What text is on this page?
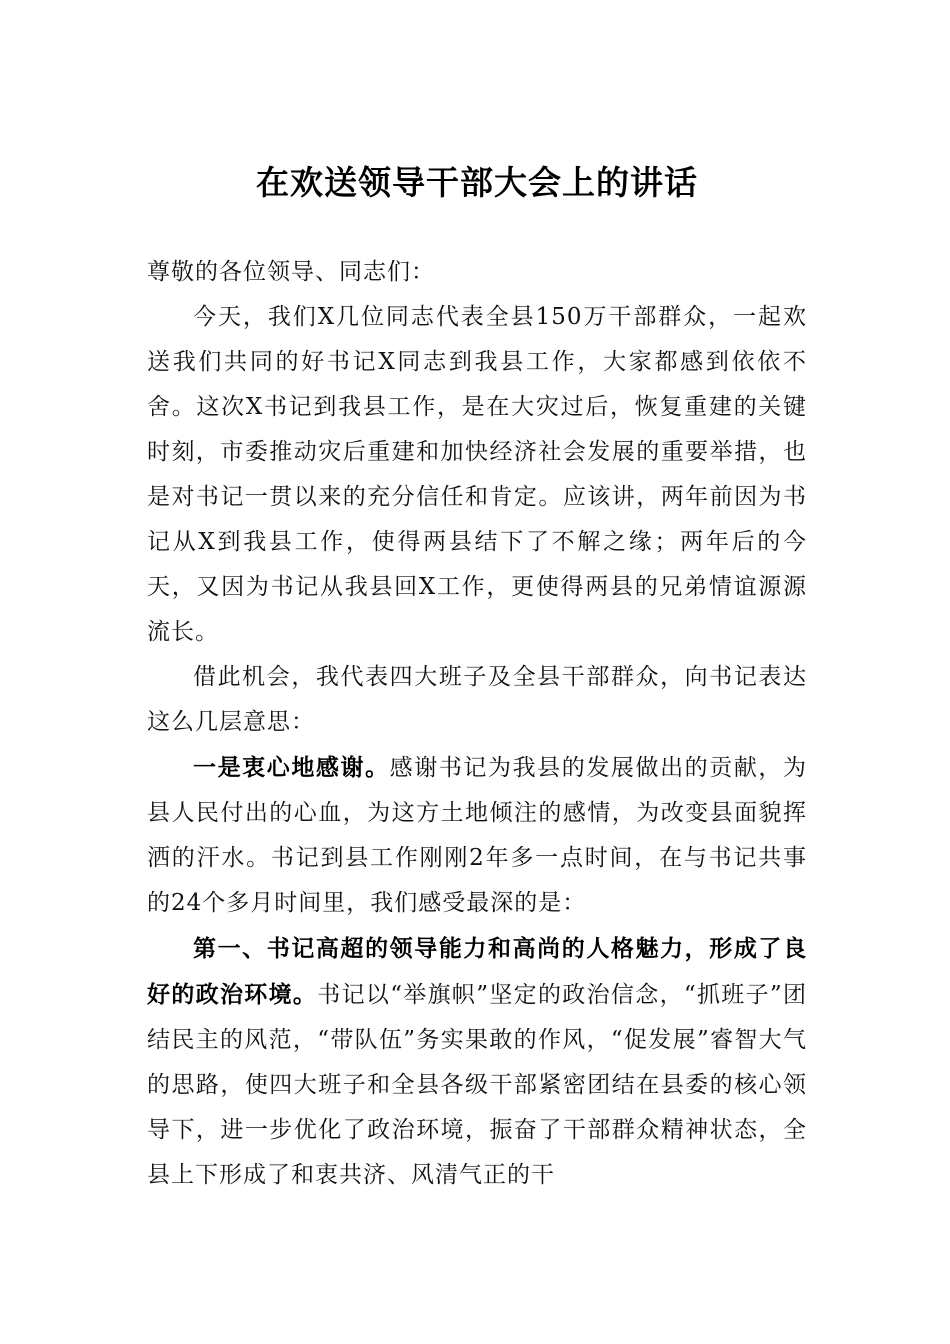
在欢送领导干部大会上的讲话

尊敬的各位领导、同志们：

今天，我们X几位同志代表全县150万干部群众，一起欢送我们共同的好书记X同志到我县工作，大家都感到依依不舍。这次X书记到我县工作，是在大灾过后，恢复重建的关键时刻，市委推动灾后重建和加快经济社会发展的重要举措，也是对书记一贯以来的充分信任和肯定。应该讲，两年前因为书记从X到我县工作，使得两县结下了不解之缘；两年后的今天，又因为书记从我县回X工作，更使得两县的兄弟情谊源源流长。

借此机会，我代表四大班子及全县干部群众，向书记表达这么几层意思：

一是衷心地感谢。感谢书记为我县的发展做出的贡献，为县人民付出的心血，为这方土地倾注的感情，为改变县面貌挥洒的汗水。书记到县工作刚刚2年多一点时间，在与书记共事的24个多月时间里，我们感受最深的是：

第一、书记高超的领导能力和高尚的人格魅力，形成了良好的政治环境。书记以“举旗帜”坚定的政治信念，“抓班子”团结民主的风范，“带队伍”务实果敢的作风，“促发展”睿智大气的思路，使四大班子和全县各级干部紧密团结在县委的核心领导下，进一步优化了政治环境，振奋了干部群众精神状态，全县上下形成了和衷共济、风清气正的干
